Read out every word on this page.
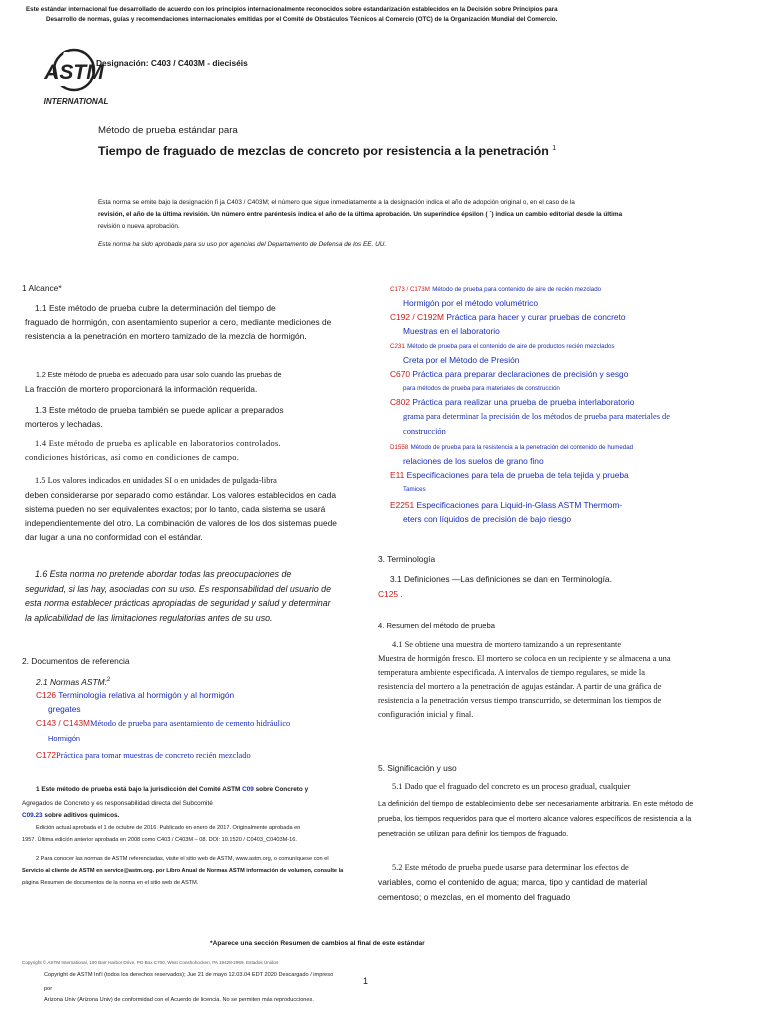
Este estándar internacional fue desarrollado de acuerdo con los principios internacionalmente reconocidos sobre estandarización establecidos en la Decisión sobre Principios para
Desarrollo de normas, guías y recomendaciones internacionales emitidas por el Comité de Obstáculos Técnicos al Comercio (OTC) de la Organización Mundial del Comercio.
ASTM
INTERNATIONAL
Designación: C403 / C403M - dieciséis
Método de prueba estándar para
Tiempo de fraguado de mezclas de concreto por resistencia a la penetración $^1$
Esta norma se emite bajo la designación fi ja C403 / C403M; el número que sigue inmediatamente a la designación indica el año de adopción original o, en el caso de la
revisión, el año de la última revisión. Un número entre paréntesis indica el año de la última aprobación. Un superíndice épsilon ( ´) indica un cambio editorial desde la última
revisión o nueva aprobación.
Esta norma ha sido aprobada para su uso por agencias del Departamento de Defensa de los EE. UU.
1 Alcance*
1.1 Este método de prueba cubre la determinación del tiempo de
fraguado de hormigón, con asentamiento superior a cero, mediante mediciones de
resistencia a la penetración en mortero tamizado de la mezcla de hormigón.
1.2 Este método de prueba es adecuado para usar solo cuando las pruebas de
La fracción de mortero proporcionará la información requerida.
1.3 Este método de prueba también se puede aplicar a preparados
morteros y lechadas.
1.4 Este método de prueba es aplicable en laboratorios controlados.
condiciones históricas, así como en condiciones de campo.
1.5 Los valores indicados en unidades SI o en unidades de pulgada-libra
deben considerarse por separado como estándar. Los valores establecidos en cada
sistema pueden no ser equivalentes exactos; por lo tanto, cada sistema se usará
independientemente del otro. La combinación de valores de los dos sistemas puede
dar lugar a una no conformidad con el estándar.
1.6 Esta norma no pretende abordar todas las preocupaciones de
seguridad, si las hay, asociadas con su uso. Es responsabilidad del usuario de
esta norma establecer prácticas apropiadas de seguridad y salud y determinar
la aplicabilidad de las limitaciones regulatorias antes de su uso.
2. Documentos de referencia
2.1 Normas ASTM:$^2$
C126 Terminología relativa al hormigón y al hormigón
gregates
C143 / C143MMétodo de prueba para asentamiento de cemento hidráulico
Hormigón
C172Práctica para tomar muestras de concreto recién mezclado
1 Este método de prueba está bajo la jurisdicción del Comité ASTM C09 sobre Concreto y
Agregados de Concreto y es responsabilidad directa del Subcomité
C09.23 sobre aditivos químicos.
Edición actual aprobada el 1 de octubre de 2016. Publicado en enero de 2017. Originalmente aprobada en
1957. Última edición anterior aprobada en 2008 como C403 / C403M – 08. DOI: 10.1520 / C0403_C0403M-16.
2 Para conocer las normas de ASTM referenciadas, visite el sitio web de ASTM, www.astm.org, o comuníquese con el
Servicio al cliente de ASTM en service@astm.org. por Libro Anual de Normas ASTM información de volumen, consulte la
página Resumen de documentos de la norma en el sitio web de ASTM.
C173 / C173M Método de prueba para contenido de aire de recién mezclado
Hormigón por el método volumétrico
C192 / C192M Práctica para hacer y curar pruebas de concreto
Muestras en el laboratorio
C231 Método de prueba para el contenido de aire de productos recién mezclados
Creta por el Método de Presión
C670 Práctica para preparar declaraciones de precisión y sesgo
para métodos de prueba para materiales de construcción
C802 Práctica para realizar una prueba de prueba interlaboratorio
grama para determinar la precisión de los métodos de prueba para materiales de
construcción
D1558 Método de prueba para la resistencia a la penetración del contenido de humedad
relaciones de los suelos de grano fino
E11 Especificaciones para tela de prueba de tela tejida y prueba
Tamices
E2251 Especificaciones para Liquid-in-Glass ASTM Thermom-
eters con líquidos de precisión de bajo riesgo
3. Terminología
3.1 Definiciones —Las definiciones se dan en Terminología.
C125 .
4. Resumen del método de prueba
4.1 Se obtiene una muestra de mortero tamizando a un representante
Muestra de hormigón fresco. El mortero se coloca en un recipiente y se almacena a una
temperatura ambiente especificada. A intervalos de tiempo regulares, se mide la
resistencia del mortero a la penetración de agujas estándar. A partir de una gráfica de
resistencia a la penetración versus tiempo transcurrido, se determinan los tiempos de
configuración inicial y final.
5. Significación y uso
5.1 Dado que el fraguado del concreto es un proceso gradual, cualquier
La definición del tiempo de establecimiento debe ser necesariamente arbitraria. En este método de
prueba, los tiempos requeridos para que el mortero alcance valores específicos de resistencia a la
penetración se utilizan para definir los tiempos de fraguado.
5.2 Este método de prueba puede usarse para determinar los efectos de
variables, como el contenido de agua; marca, tipo y cantidad de material
cementoso; o mezclas, en el momento del fraguado
*Aparece una sección Resumen de cambios al final de este estándar
Copyright © ASTM International, 100 Barr Harbor Drive, PO Box C700, West Conshohocken, PA 19428-2959. Estados Unidos
Copyright de ASTM Int'l (todos los derechos reservados); Jue 21 de mayo 12.03.04 EDT 2020 Descargado / impreso
por
Arizona Univ (Arizona Univ) de conformidad con el Acuerdo de licencia. No se permiten más reproducciones.
1
